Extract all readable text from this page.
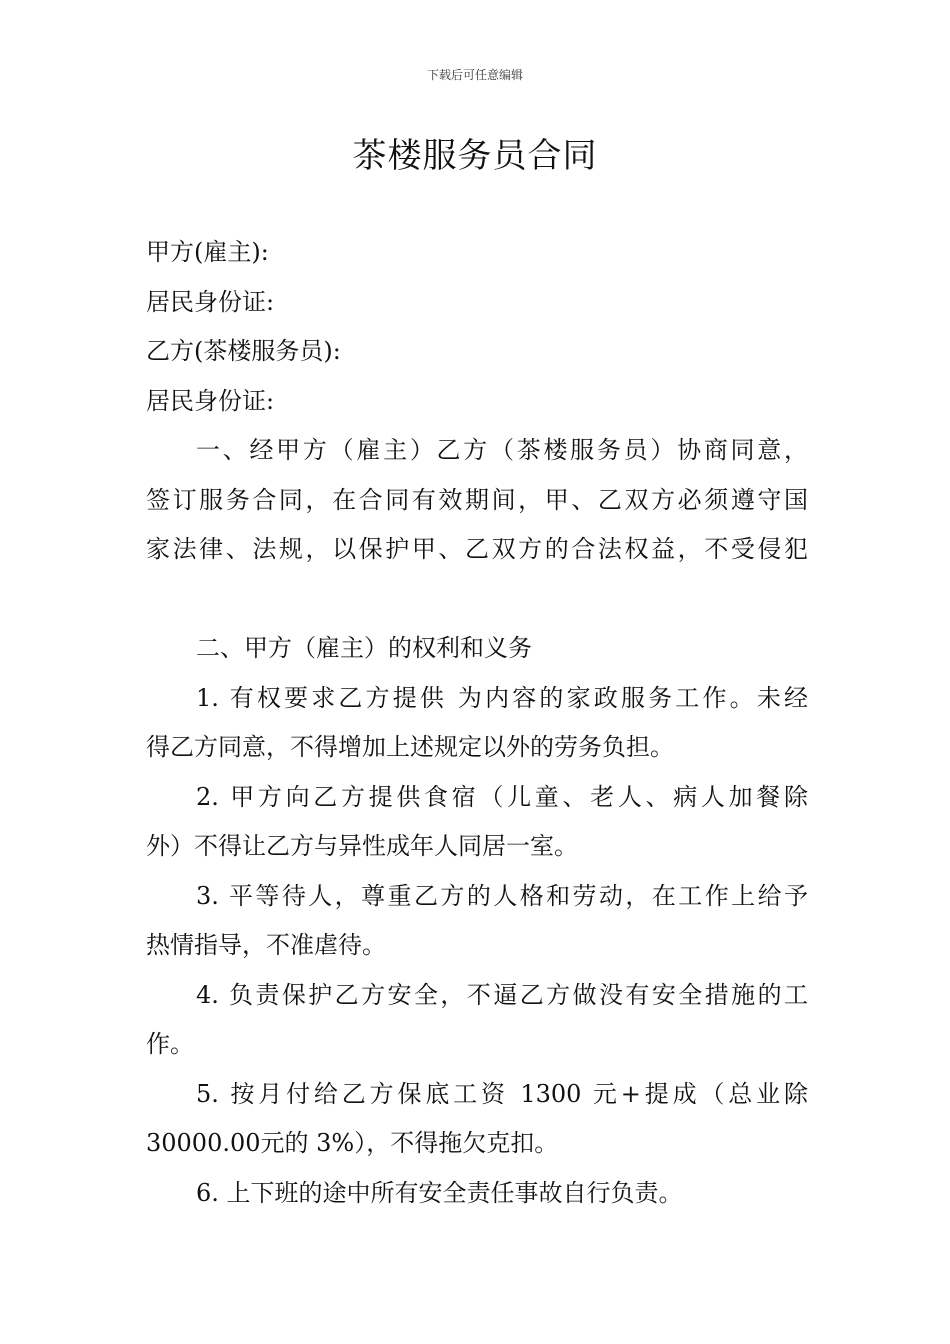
下载后可任意编辑
茶楼服务员合同
甲方(雇主):
居民身份证:
乙方(茶楼服务员):
居民身份证:
一、经甲方（雇主）乙方（茶楼服务员）协商同意，
签订服务合同，在合同有效期间，甲、乙双方必须遵守国
家法律、法规，以保护甲、乙双方的合法权益，不受侵犯
二、甲方（雇主）的权利和义务
1. 有权要求乙方提供 为内容的家政服务工作。未经
得乙方同意，不得增加上述规定以外的劳务负担。
2. 甲方向乙方提供食宿（儿童、老人、病人加餐除
外）不得让乙方与异性成年人同居一室。
3. 平等待人，尊重乙方的人格和劳动，在工作上给予
热情指导，不准虐待。
4. 负责保护乙方安全，不逼乙方做没有安全措施的工
作。
5. 按月付给乙方保底工资 1300 元+提成（总业除
30000.00元的 3%），不得拖欠克扣。
6. 上下班的途中所有安全责任事故自行负责。
